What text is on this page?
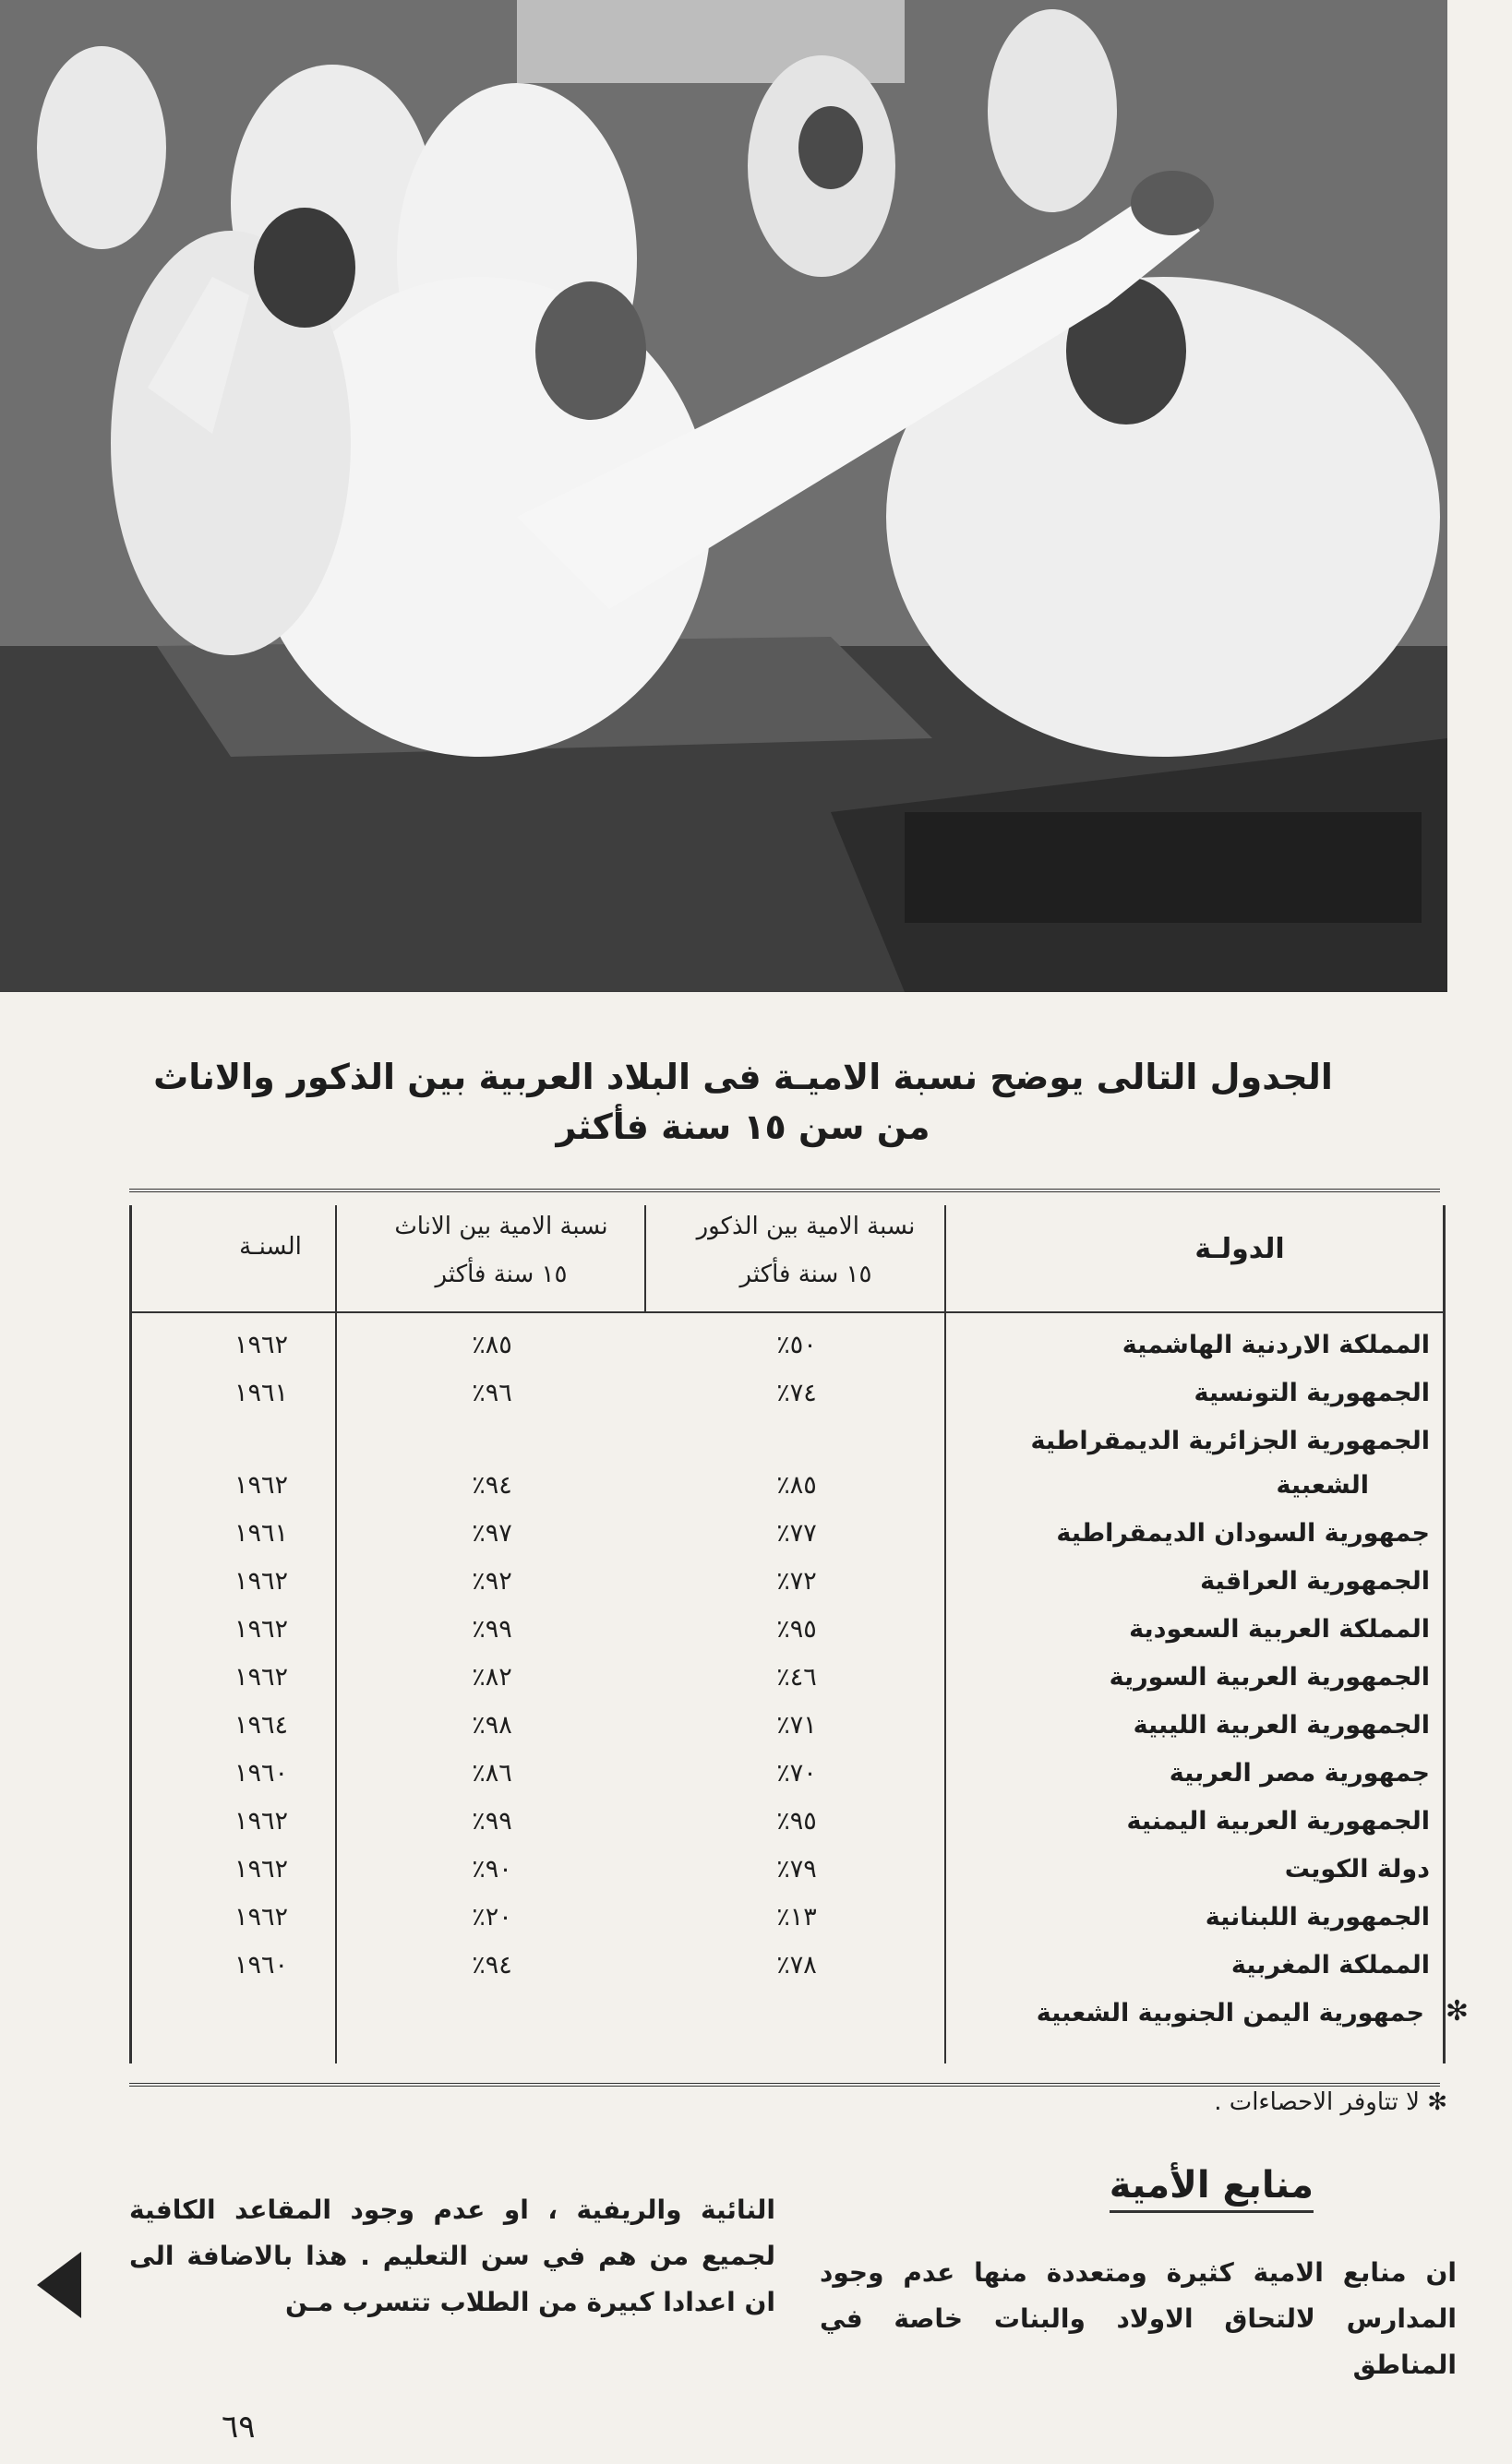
الجدول التالى يوضح نسبة الاميـة فى البلاد العربية بين الذكور والاناث
من سن ١٥ سنة فأكثر
الدولـة
نسبة الامية بين الذكور
١٥ سنة فأكثر
نسبة الامية بين الاناث
١٥ سنة فأكثر
السنـة
المملكة الاردنية الهاشمية
٥٠٪
٨٥٪
١٩٦٢
الجمهورية التونسية
٧٤٪
٩٦٪
١٩٦١
الجمهورية الجزائرية الديمقراطية
الشعبية
٨٥٪
٩٤٪
١٩٦٢
جمهورية السودان الديمقراطية
٧٧٪
٩٧٪
١٩٦١
الجمهورية العراقية
٧٢٪
٩٢٪
١٩٦٢
المملكة العربية السعودية
٩٥٪
٩٩٪
١٩٦٢
الجمهورية العربية السورية
٤٦٪
٨٢٪
١٩٦٢
الجمهورية العربية الليبية
٧١٪
٩٨٪
١٩٦٤
جمهورية مصر العربية
٧٠٪
٨٦٪
١٩٦٠
الجمهورية العربية اليمنية
٩٥٪
٩٩٪
١٩٦٢
دولة الكويت
٧٩٪
٩٠٪
١٩٦٢
الجمهورية اللبنانية
١٣٪
٢٠٪
١٩٦٢
المملكة المغربية
٧٨٪
٩٤٪
١٩٦٠
جمهورية اليمن الجنوبية الشعبية ✻
✻ لا تتاوفر الاحصاءات .
منابع الأمية
ان منابع الامية كثيرة ومتعددة منها عدم وجود المدارس لالتحاق الاولاد والبنات خاصة في المناطق
النائية والريفية ، او عدم وجود المقاعد الكافية لجميع من هم في سن التعليم . هذا بالاضافة الى ان اعدادا كبيرة من الطلاب تتسرب مـن
٦٩
